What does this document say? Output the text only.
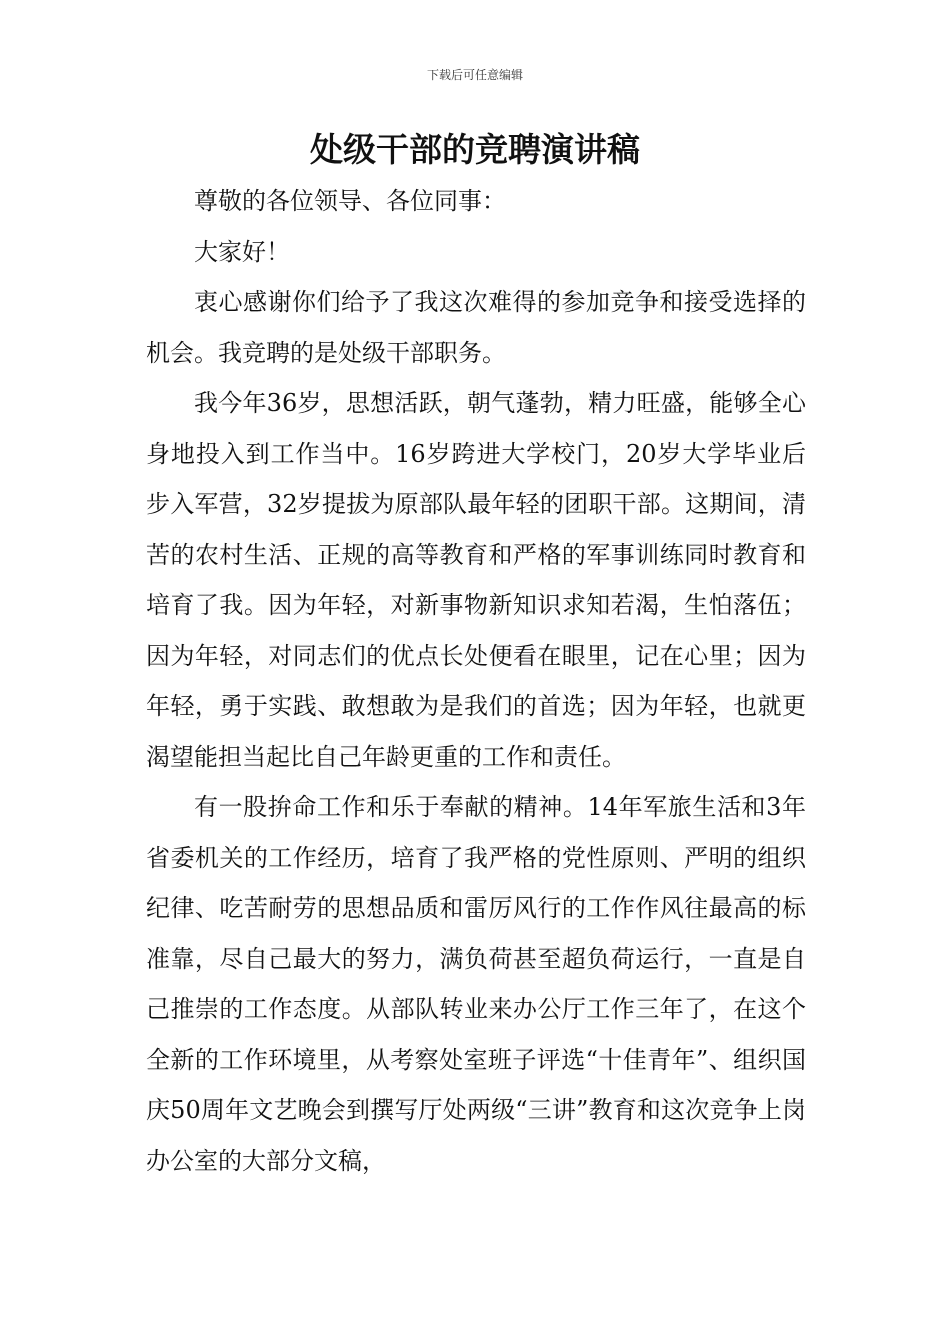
下载后可任意编辑
处级干部的竞聘演讲稿

尊敬的各位领导、各位同事：

大家好！

衷心感谢你们给予了我这次难得的参加竞争和接受选择的机会。我竞聘的是处级干部职务。

我今年36岁，思想活跃，朝气蓬勃，精力旺盛，能够全心身地投入到工作当中。16岁跨进大学校门，20岁大学毕业后步入军营，32岁提拔为原部队最年轻的团职干部。这期间，清苦的农村生活、正规的高等教育和严格的军事训练同时教育和培育了我。因为年轻，对新事物新知识求知若渴，生怕落伍；因为年轻，对同志们的优点长处便看在眼里，记在心里；因为年轻，勇于实践、敢想敢为是我们的首选；因为年轻，也就更渴望能担当起比自己年龄更重的工作和责任。

有一股拚命工作和乐于奉献的精神。14年军旅生活和3年省委机关的工作经历，培育了我严格的党性原则、严明的组织纪律、吃苦耐劳的思想品质和雷厉风行的工作作风往最高的标准靠，尽自己最大的努力，满负荷甚至超负荷运行，一直是自己推崇的工作态度。从部队转业来办公厅工作三年了，在这个全新的工作环境里，从考察处室班子评选“十佳青年”、组织国庆50周年文艺晚会到撰写厅处两级“三讲”教育和这次竞争上岗办公室的大部分文稿，
